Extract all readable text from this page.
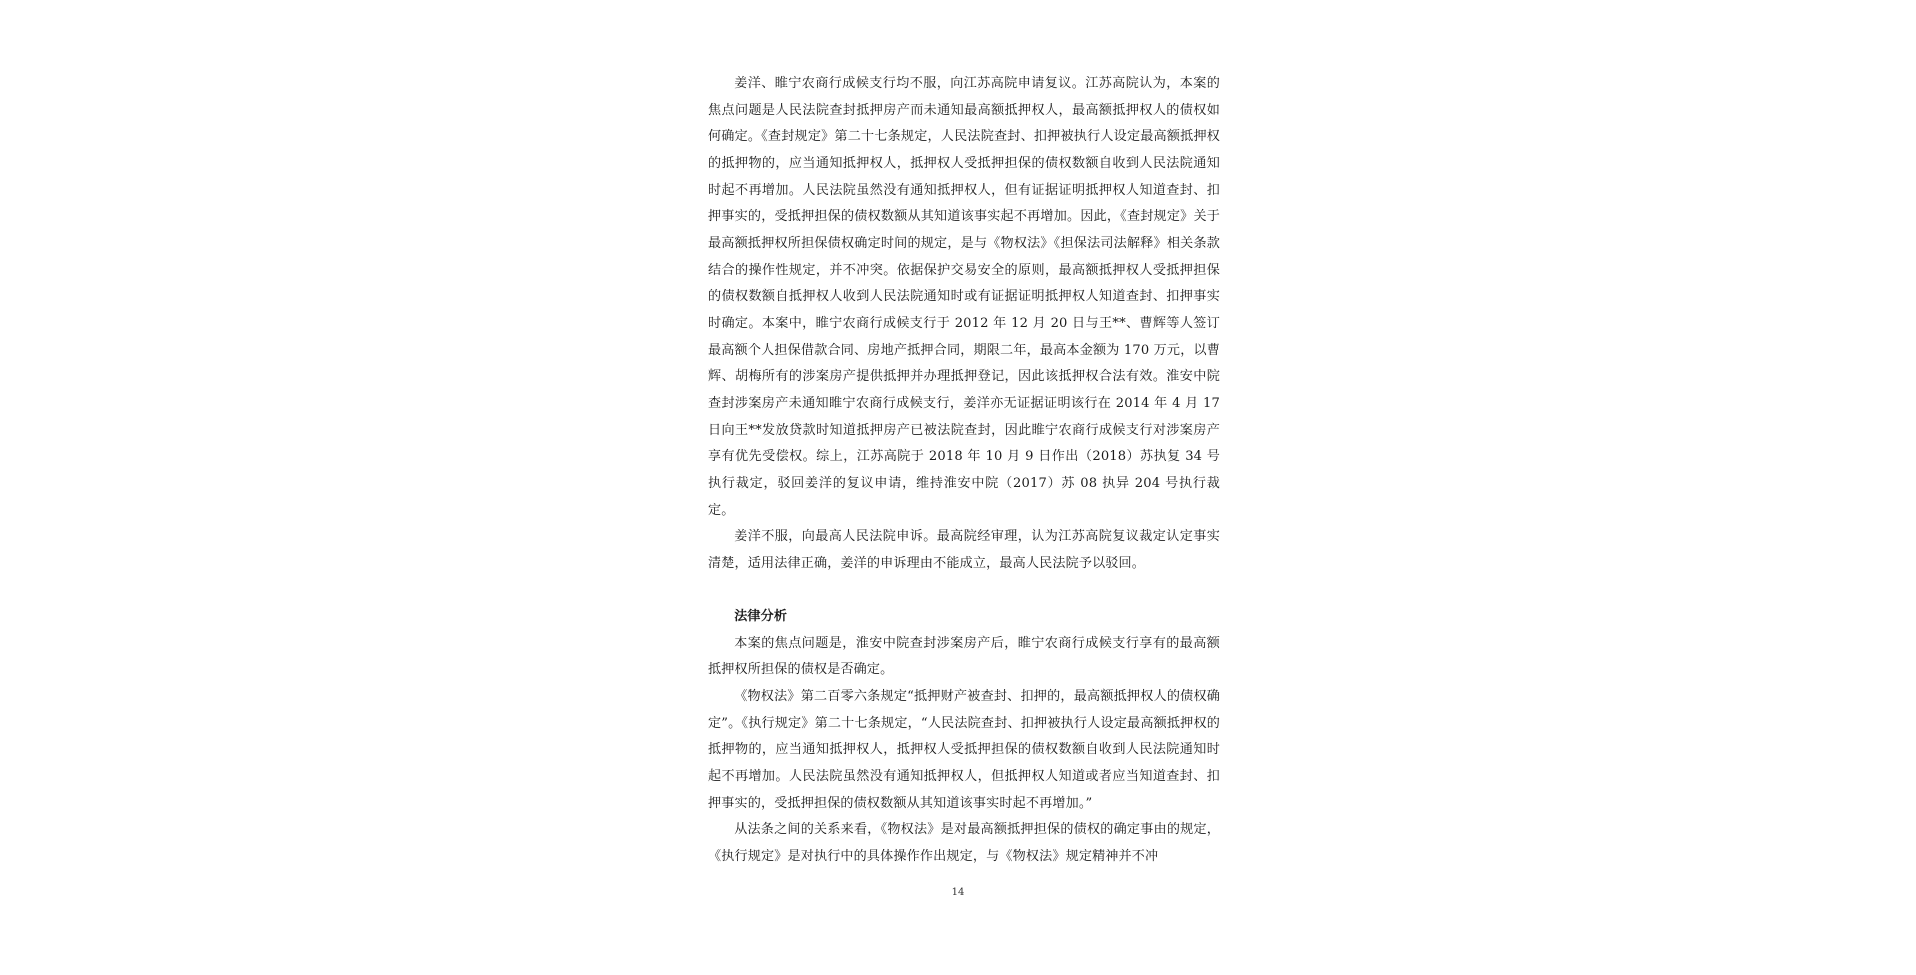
姜洋、睢宁农商行成候支行均不服，向江苏高院申请复议。江苏高院认为，本案的焦点问题是人民法院查封抵押房产而未通知最高额抵押权人，最高额抵押权人的债权如何确定。《查封规定》第二十七条规定，人民法院查封、扣押被执行人设定最高额抵押权的抵押物的，应当通知抵押权人，抵押权人受抵押担保的债权数额自收到人民法院通知时起不再增加。人民法院虽然没有通知抵押权人，但有证据证明抵押权人知道查封、扣押事实的，受抵押担保的债权数额从其知道该事实起不再增加。因此，《查封规定》关于最高额抵押权所担保债权确定时间的规定，是与《物权法》《担保法司法解释》相关条款结合的操作性规定，并不冲突。依据保护交易安全的原则，最高额抵押权人受抵押担保的债权数额自抵押权人收到人民法院通知时或有证据证明抵押权人知道查封、扣押事实时确定。本案中，睢宁农商行成候支行于 2012 年 12 月 20 日与王**、曹辉等人签订最高额个人担保借款合同、房地产抵押合同，期限二年，最高本金额为 170 万元，以曹辉、胡梅所有的涉案房产提供抵押并办理抵押登记，因此该抵押权合法有效。淮安中院查封涉案房产未通知睢宁农商行成候支行，姜洋亦无证据证明该行在 2014 年 4 月 17 日向王**发放贷款时知道抵押房产已被法院查封，因此睢宁农商行成候支行对涉案房产享有优先受偿权。综上，江苏高院于 2018 年 10 月 9 日作出（2018）苏执复 34 号执行裁定，驳回姜洋的复议申请，维持淮安中院（2017）苏 08 执异 204 号执行裁定。

姜洋不服，向最高人民法院申诉。最高院经审理，认为江苏高院复议裁定认定事实清楚，适用法律正确，姜洋的申诉理由不能成立，最高人民法院予以驳回。

法律分析

本案的焦点问题是，淮安中院查封涉案房产后，睢宁农商行成候支行享有的最高额抵押权所担保的债权是否确定。

《物权法》第二百零六条规定“抵押财产被查封、扣押的，最高额抵押权人的债权确定”。《执行规定》第二十七条规定，“人民法院查封、扣押被执行人设定最高额抵押权的抵押物的，应当通知抵押权人，抵押权人受抵押担保的债权数额自收到人民法院通知时起不再增加。人民法院虽然没有通知抵押权人，但抵押权人知道或者应当知道查封、扣押事实的，受抵押担保的债权数额从其知道该事实时起不再增加。”

从法条之间的关系来看，《物权法》是对最高额抵押担保的债权的确定事由的规定，《执行规定》是对执行中的具体操作作出规定，与《物权法》规定精神并不冲

14
